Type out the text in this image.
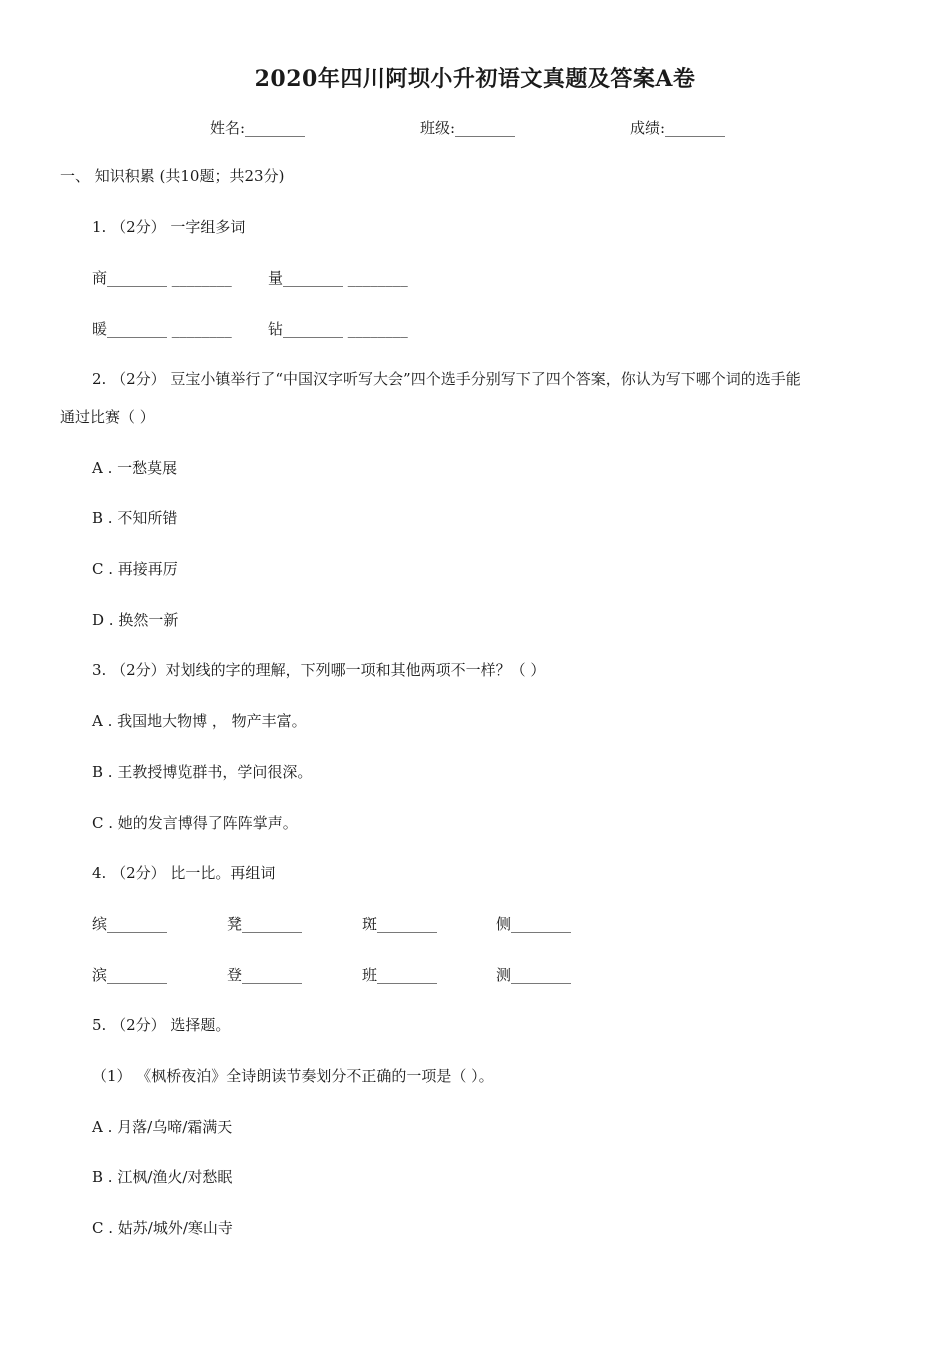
2020年四川阿坝小升初语文真题及答案A卷
姓名:________	班级:________	成绩:________
一、 知识积累 (共10题；共23分)
1. （2分） 一字组多词
商________ ________ 量________ ________
暖________ ________ 钻________ ________
2. （2分） 豆宝小镇举行了“中国汉字听写大会”四个选手分别写下了四个答案，你认为写下哪个词的选手能
通过比赛（ ）
A . 一愁莫展
B . 不知所错
C . 再接再厉
D . 换然一新
3. （2分）对划线的字的理解，下列哪一项和其他两项不一样？（ ）
A . 我国地大物博 ， 物产丰富。
B . 王教授博览群书，学问很深。
C . 她的发言博得了阵阵掌声。
4. （2分） 比一比。再组词
缤________	凳________	斑________	侧________
滨________	登________	班________	测________
5. （2分） 选择题。
（1） 《枫桥夜泊》全诗朗读节奏划分不正确的一项是（ ）。
A . 月落/乌啼/霜满天
B . 江枫/渔火/对愁眠
C . 姑苏/城外/寒山寺
